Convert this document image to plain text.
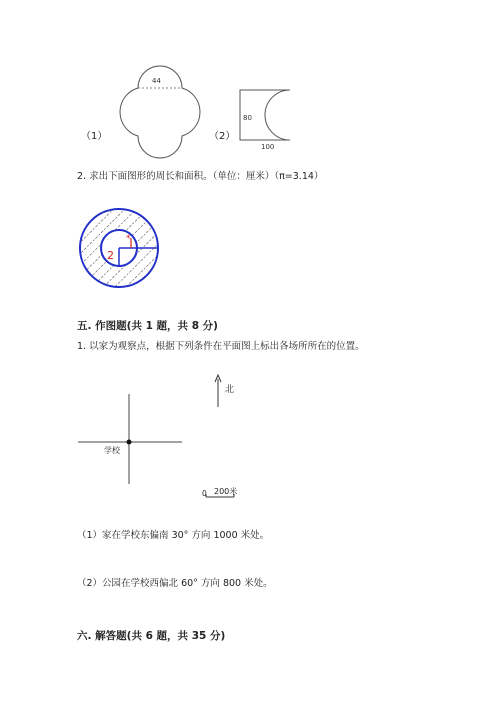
44
（1）
80
100
（2）
2. 求出下面图形的周长和面积。（单位：厘米）（π=3.14）
*
2
五. 作图题(共 1 题，共 8 分)
1. 以家为观察点，根据下列条件在平面图上标出各场所所在的位置。
北
学校
0 200米
（1）家在学校东偏南 30° 方向 1000 米处。
（2）公园在学校西偏北 60° 方向 800 米处。
六. 解答题(共 6 题，共 35 分)
